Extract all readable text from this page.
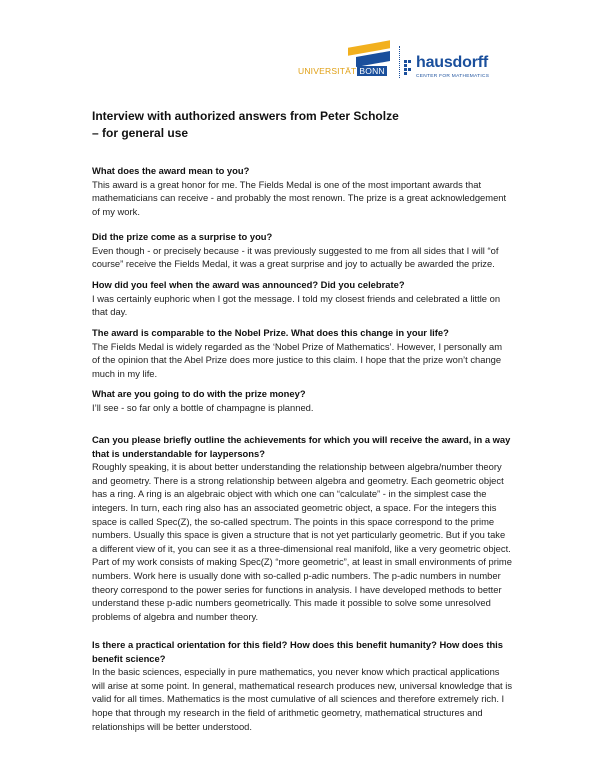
UNIVERSITÄT BONN hausdorff
CENTER FOR MATHEMATICS
Interview with authorized answers from Peter Scholze
– for general use
What does the award mean to you?
This award is a great honor for me. The Fields Medal is one of the most important awards that mathematicians can receive - and probably the most renown. The prize is a great acknowledgement of my work.
Did the prize come as a surprise to you?
Even though - or precisely because - it was previously suggested to me from all sides that I will “of course” receive the Fields Medal, it was a great surprise and joy to actually be awarded the prize.
How did you feel when the award was announced? Did you celebrate?
I was certainly euphoric when I got the message. I told my closest friends and celebrated a little on that day.
The award is comparable to the Nobel Prize. What does this change in your life?
The Fields Medal is widely regarded as the ‘Nobel Prize of Mathematics’. However, I personally am of the opinion that the Abel Prize does more justice to this claim. I hope that the prize won’t change much in my life.
What are you going to do with the prize money?
I’ll see - so far only a bottle of champagne is planned.
Can you please briefly outline the achievements for which you will receive the award, in a way that is understandable for laypersons?
Roughly speaking, it is about better understanding the relationship between algebra/number theory and geometry. There is a strong relationship between algebra and geometry. Each geometric object has a ring. A ring is an algebraic object with which one can “calculate” - in the simplest case the integers. In turn, each ring also has an associated geometric object, a space. For the integers this space is called Spec(Z), the so-called spectrum. The points in this space correspond to the prime numbers. Usually this space is given a structure that is not yet particularly geometric. But if you take a different view of it, you can see it as a three-dimensional real manifold, like a very geometric object. Part of my work consists of making Spec(Z) “more geometric”, at least in small environments of prime numbers. Work here is usually done with so-called p-adic numbers. The p-adic numbers in number theory correspond to the power series for functions in analysis. I have developed methods to better understand these p-adic numbers geometrically. This made it possible to solve some unresolved problems of algebra and number theory.
Is there a practical orientation for this field? How does this benefit humanity? How does this benefit science?
In the basic sciences, especially in pure mathematics, you never know which practical applications will arise at some point. In general, mathematical research produces new, universal knowledge that is valid for all times. Mathematics is the most cumulative of all sciences and therefore extremely rich. I hope that through my research in the field of arithmetic geometry, mathematical structures and relationships will be better understood.
